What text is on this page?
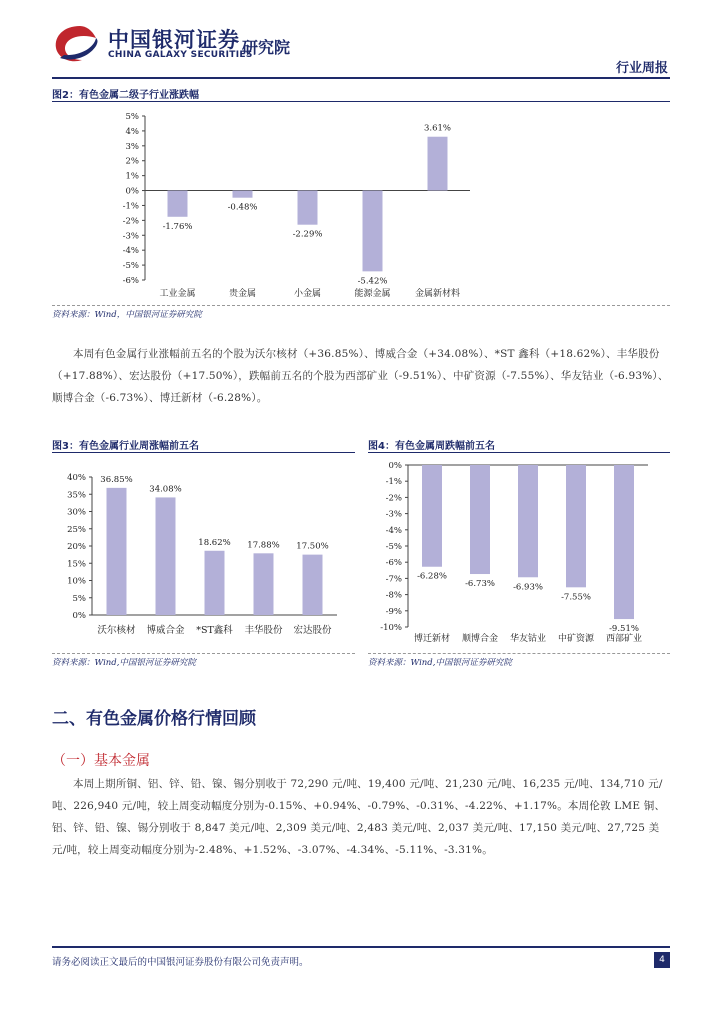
中国银河证券
CHINA GALAXY SECURITIES
研究院
行业周报
图2：有色金属二级子行业涨跌幅
5%
4%
3%
2%
1%
0%
-1%
-2%
-3%
-4%
-5%
-6%
-1.76%
工业金属
-0.48%
贵金属
-2.29%
小金属
-5.42%
能源金属
3.61%
金属新材料
资料来源：Wind，中国银河证券研究院

本周有色金属行业涨幅前五名的个股为沃尔核材（+36.85%）、博威合金（+34.08%）、*ST 鑫科（+18.62%）、丰华股份（+17.88%）、宏达股份（+17.50%），跌幅前五名的个股为西部矿业（-9.51%）、中矿资源（-7.55%）、华友钴业（-6.93%）、顺博合金（-6.73%）、博迁新材（-6.28%）。

图3：有色金属行业周涨幅前五名
40%
35%
30%
25%
20%
15%
10%
5%
0%
36.85%
沃尔核材
34.08%
博威合金
18.62%
*ST鑫科
17.88%
丰华股份
17.50%
宏达股份
资料来源：Wind,中国银河证券研究院
图4：有色金属周跌幅前五名
0%
-1%
-2%
-3%
-4%
-5%
-6%
-7%
-8%
-9%
-10%
-6.28%
博迁新材
-6.73%
顺博合金
-6.93%
华友钴业
-7.55%
中矿资源
-9.51%
西部矿业
资料来源：Wind,中国银河证券研究院
二、有色金属价格行情回顾
（一）基本金属

本周上期所铜、铝、锌、铅、镍、锡分别收于 72,290 元/吨、19,400 元/吨、21,230 元/吨、16,235 元/吨、134,710 元/吨、226,940 元/吨，较上周变动幅度分别为-0.15%、+0.94%、-0.79%、-0.31%、-4.22%、+1.17%。本周伦敦 LME 铜、铝、锌、铅、镍、锡分别收于 8,847 美元/吨、2,309 美元/吨、2,483 美元/吨、2,037 美元/吨、17,150 美元/吨、27,725 美元/吨，较上周变动幅度分别为-2.48%、+1.52%、-3.07%、-4.34%、-5.11%、-3.31%。

请务必阅读正文最后的中国银河证券股份有限公司免责声明。	4
